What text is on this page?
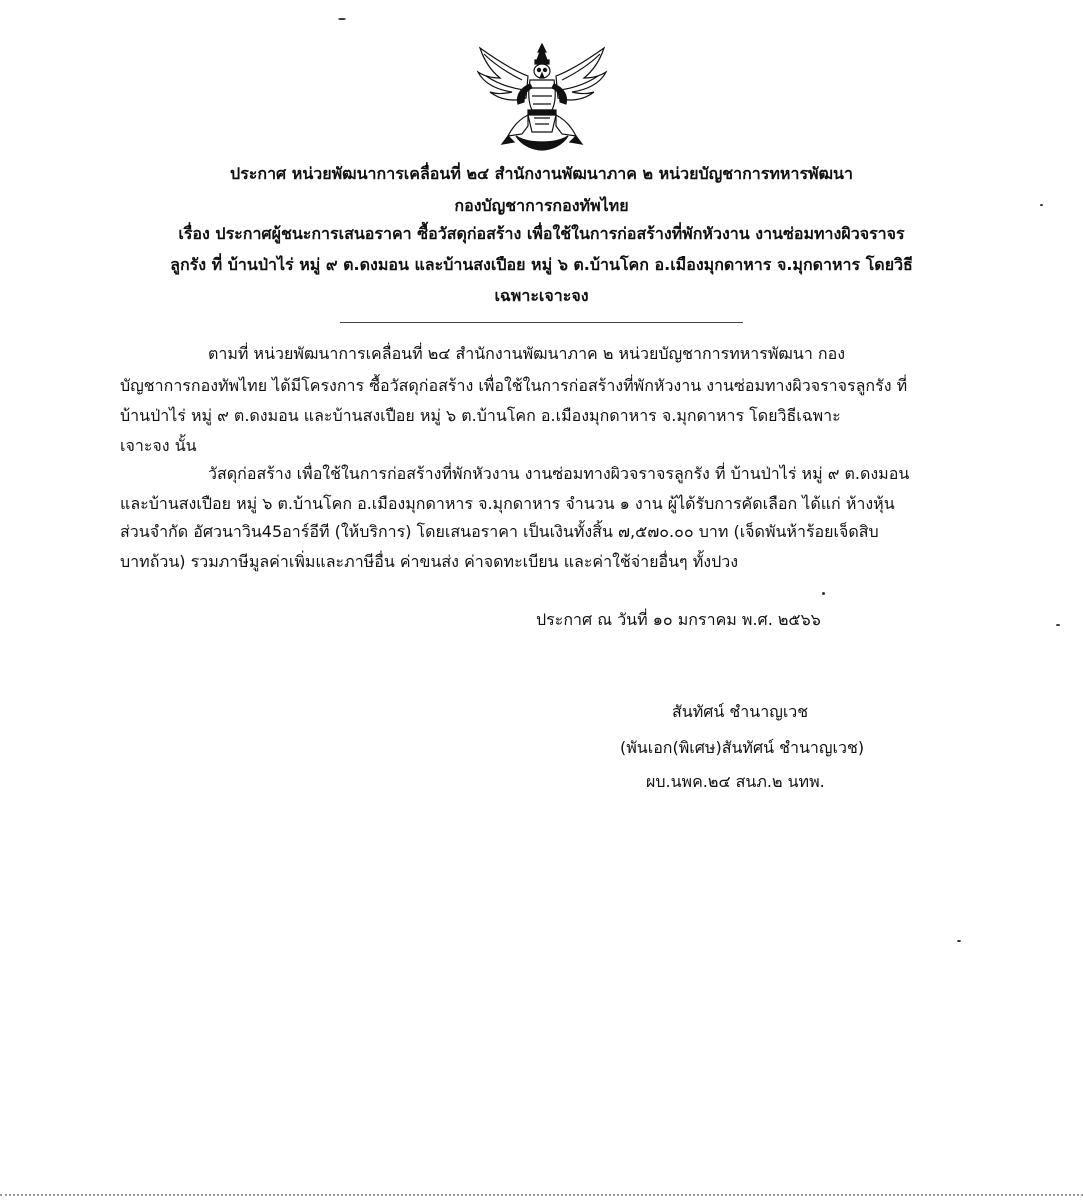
ประกาศ หน่วยพัฒนาการเคลื่อนที่ ๒๔ สำนักงานพัฒนาภาค ๒ หน่วยบัญชาการทหารพัฒนา
กองบัญชาการกองทัพไทย
เรื่อง ประกาศผู้ชนะการเสนอราคา ซื้อวัสดุก่อสร้าง เพื่อใช้ในการก่อสร้างที่พักหัวงาน งานซ่อมทางผิวจราจร
ลูกรัง ที่ บ้านป่าไร่ หมู่ ๙ ต.ดงมอน และบ้านสงเปือย หมู่ ๖ ต.บ้านโคก อ.เมืองมุกดาหาร จ.มุกดาหาร โดยวิธี
เฉพาะเจาะจง
ตามที่ หน่วยพัฒนาการเคลื่อนที่ ๒๔ สำนักงานพัฒนาภาค ๒ หน่วยบัญชาการทหารพัฒนา กอง
บัญชาการกองทัพไทย ได้มีโครงการ ซื้อวัสดุก่อสร้าง เพื่อใช้ในการก่อสร้างที่พักหัวงาน งานซ่อมทางผิวจราจรลูกรัง ที่
บ้านป่าไร่ หมู่ ๙ ต.ดงมอน และบ้านสงเปือย หมู่ ๖ ต.บ้านโคก อ.เมืองมุกดาหาร จ.มุกดาหาร โดยวิธีเฉพาะ
เจาะจง นั้น
วัสดุก่อสร้าง เพื่อใช้ในการก่อสร้างที่พักหัวงาน งานซ่อมทางผิวจราจรลูกรัง ที่ บ้านป่าไร่ หมู่ ๙ ต.ดงมอน
และบ้านสงเปือย หมู่ ๖ ต.บ้านโคก อ.เมืองมุกดาหาร จ.มุกดาหาร จำนวน ๑ งาน ผู้ได้รับการคัดเลือก ได้แก่ ห้างหุ้น
ส่วนจำกัด อัศวนาวิน45อาร์อีที (ให้บริการ) โดยเสนอราคา เป็นเงินทั้งสิ้น ๗,๕๗๐.๐๐ บาท (เจ็ดพันห้าร้อยเจ็ดสิบ
บาทถ้วน) รวมภาษีมูลค่าเพิ่มและภาษีอื่น ค่าขนส่ง ค่าจดทะเบียน และค่าใช้จ่ายอื่นๆ ทั้งปวง
ประกาศ ณ วันที่ ๑๐ มกราคม พ.ศ. ๒๕๖๖
สันทัศน์ ชำนาญเวช
(พันเอก(พิเศษ)สันทัศน์ ชำนาญเวช)
ผบ.นพค.๒๔ สนภ.๒ นทพ.
